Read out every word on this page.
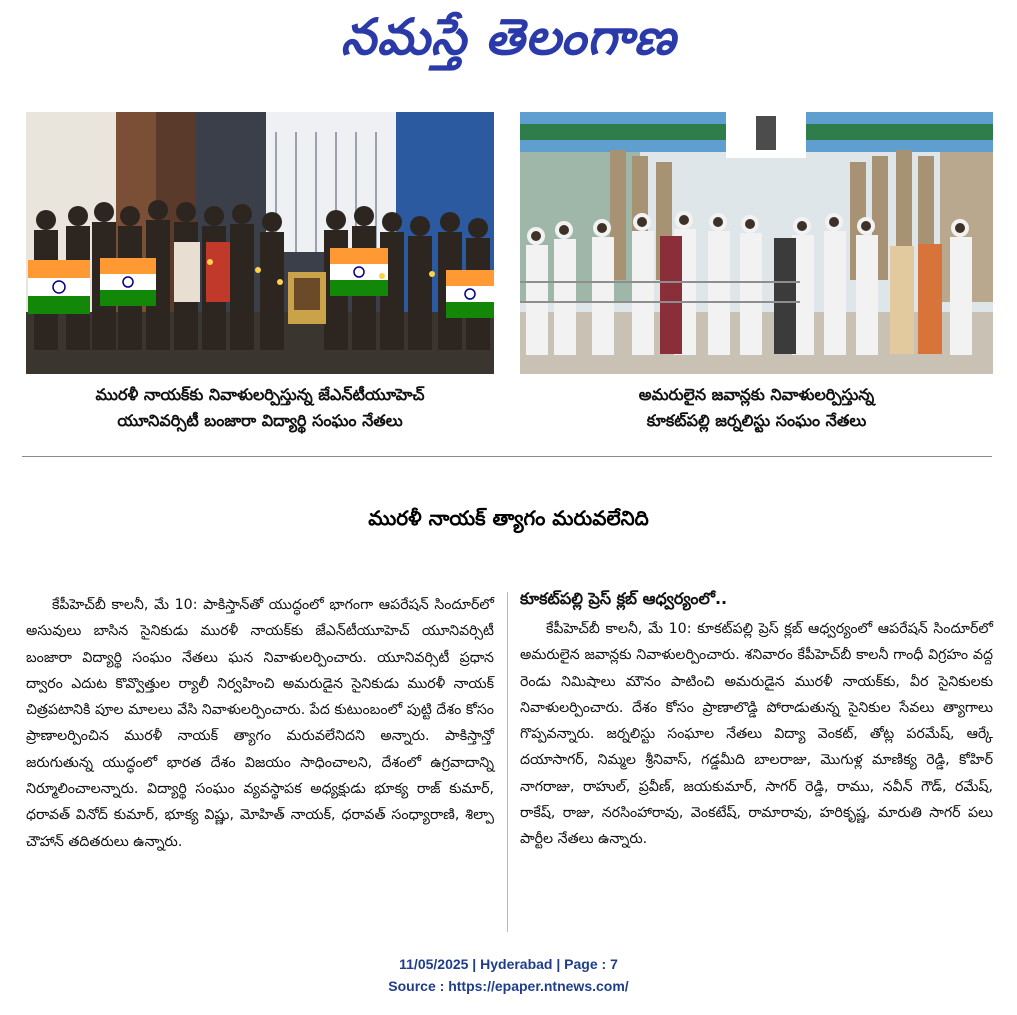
నమస్తే తెలంగాణ
మురళీ నాయక్‌కు నివాళులర్పిస్తున్న జేఎన్‌టీయూహెచ్‌
యూనివర్సిటీ బంజారా విద్యార్థి సంఘం నేతలు
అమరులైన జవాన్లకు నివాళులర్పిస్తున్న
కూకట్‌పల్లి జర్నలిస్టు సంఘం నేతలు
మురళీ నాయక్‌ త్యాగం మరువలేనిది

కేపీహెచ్‌బీ కాలనీ, మే 10: పాకిస్తాన్‌తో యుద్ధంలో భాగంగా ఆపరేషన్‌ సిందూర్‌లో అసువులు బాసిన సైనికుడు మురళీ నాయక్‌కు జేఎన్‌టీయూహెచ్‌ యూనివర్సిటీ బంజారా విద్యార్థి సంఘం నేతలు ఘన నివాళులర్పించారు. యూనివర్సిటీ ప్రధాన ద్వారం ఎదుట కొవ్వొత్తుల ర్యాలీ నిర్వహించి అమరుడైన సైనికుడు మురళీ నాయక్‌ చిత్రపటానికి పూల మాలలు వేసి నివాళులర్పించారు. పేద కుటుంబంలో పుట్టి దేశం కోసం ప్రాణాలర్పించిన మురళీ నాయక్‌ త్యాగం మరువలేనిదని అన్నారు. పాకిస్తాన్తో జరుగుతున్న యుద్ధంలో భారత దేశం విజయం సాధించాలని, దేశంలో ఉగ్రవాదాన్ని నిర్మూలించాలన్నారు. విద్యార్థి సంఘం వ్యవస్థాపక అధ్యక్షుడు భూక్య రాజ్‌ కుమార్‌, ధరావత్‌ వినోద్‌ కుమార్‌, భూక్య విష్ణు, మోహిత్‌ నాయక్‌, ధరావత్‌ సంధ్యారాణి, శిల్పా చౌహాన్‌ తదితరులు ఉన్నారు.

కూకట్‌పల్లి ప్రెస్‌ క్లబ్‌ ఆధ్వర్యంలో..

కేపీహెచ్‌బీ కాలనీ, మే 10: కూకట్‌పల్లి ప్రెస్‌ క్లబ్‌ ఆధ్వర్యంలో ఆపరేషన్‌ సిందూర్‌లో అమరులైన జవాన్లకు నివాళులర్పించారు. శనివారం కేపీహెచ్‌బీ కాలనీ గాంధీ విగ్రహం వద్ద రెండు నిమిషాలు మౌనం పాటించి అమరుడైన మురళీ నాయక్‌కు, వీర సైనికులకు నివాళులర్పించారు. దేశం కోసం ప్రాణాలొడ్డి పోరాడుతున్న సైనికుల సేవలు త్యాగాలు గొప్పవన్నారు. జర్నలిస్టు సంఘాల నేతలు విద్యా వెంకట్‌, తోట్ల పరమేష్‌, ఆర్కే దయాసాగర్‌, నిమ్మల శ్రీనివాస్‌, గడ్డమీది బాలరాజు, మొగుళ్ల మాణిక్య రెడ్డి, కోహిర్‌ నాగరాజు, రాహుల్‌, ప్రవీణ్‌, జయకుమార్‌, సాగర్‌ రెడ్డి, రాము, నవీన్‌ గౌడ్‌, రమేష్‌, రాకేష్‌, రాజు, నరసింహారావు, వెంకటేష్‌, రామారావు, హరికృష్ణ, మారుతి సాగర్‌ పలు పార్టీల నేతలు ఉన్నారు.

11/05/2025 | Hyderabad | Page : 7
Source : https://epaper.ntnews.com/
